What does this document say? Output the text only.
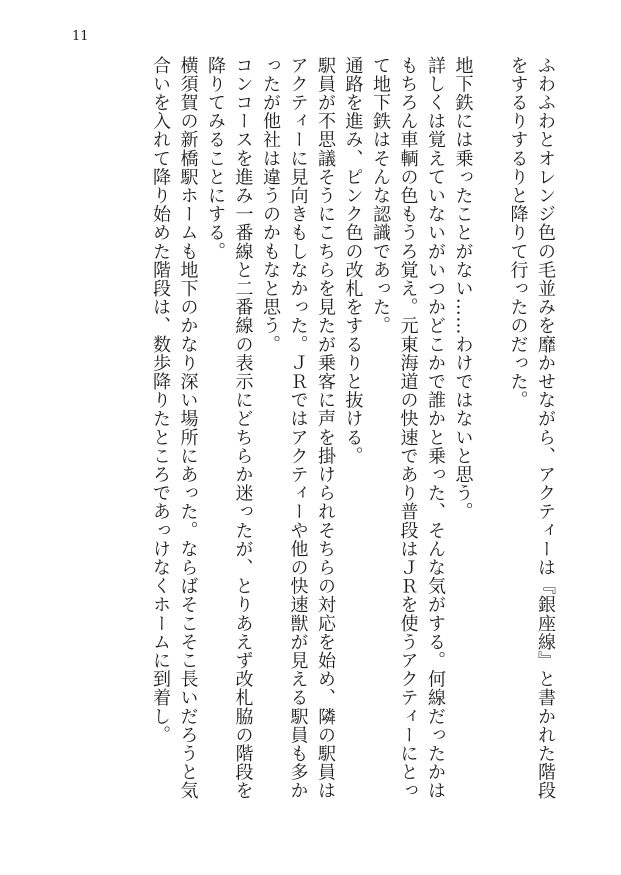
11

ふわふわとオレンジ色の毛並みを靡かせながら、アクティーは『銀座線』と書かれた階段をするりするりと降りて行ったのだった。

地下鉄には乗ったことがない……わけではないと思う。

詳しくは覚えていないがいつかどこかで誰かと乗った、そんな気がする。何線だったかはもちろん車輌の色もうろ覚え。元東海道の快速であり普段はＪＲを使うアクティーにとって地下鉄はそんな認識であった。

通路を進み、ピンク色の改札をするりと抜ける。

駅員が不思議そうにこちらを見たが乗客に声を掛けられそちらの対応を始め、隣の駅員はアクティーに見向きもしなかった。ＪＲではアクティーや他の快速獣が見える駅員も多かったが他社は違うのかもなと思う。

コンコースを進み一番線と二番線の表示にどちらか迷ったが、とりあえず改札脇の階段を降りてみることにする。

横須賀の新橋駅ホームも地下のかなり深い場所にあった。ならばそこそこ長いだろうと気合いを入れて降り始めた階段は、数歩降りたところであっけなくホームに到着し。
